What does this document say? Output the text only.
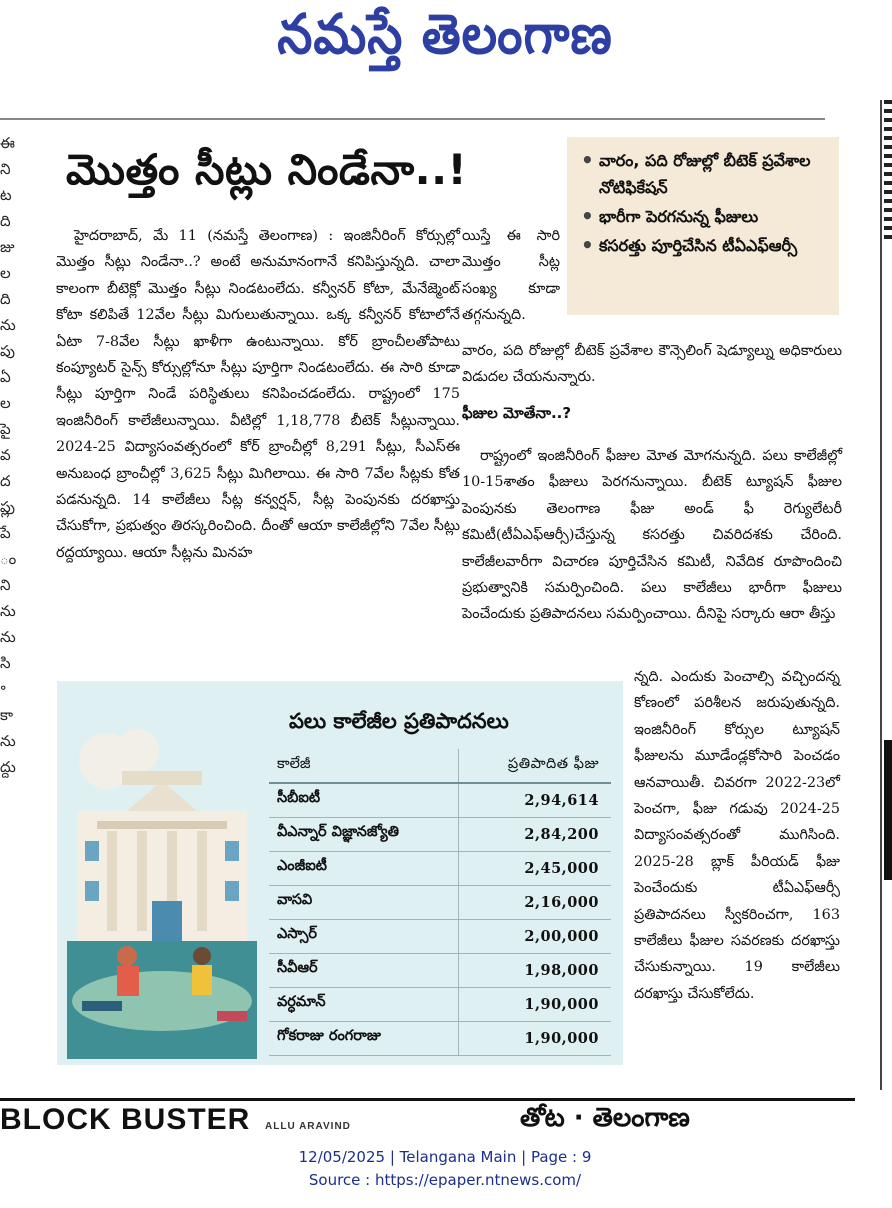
నమస్తే తెలంగాణ
ఈ
ని
ట
ది
జు
ల
ది
ను
పు
ఏ
ల
పై
వ
ద
ప్లు
పే
ం
ని
ను
ను
సి
॰
కా
ను
ద్దు
మొత్తం సీట్లు నిండేనా..!	• వారం, పది రోజుల్లో బీటెక్ ప్రవేశాల నోటిఫికేషన్
• భారీగా పెరగనున్న ఫీజులు
• కసరత్తు పూర్తిచేసిన టీఏఎఫ్ఆర్సీ

హైదరాబాద్, మే 11 (నమస్తే తెలంగాణ) : ఇంజినీరింగ్ కోర్సుల్లో మొత్తం సీట్లు నిండేనా..? అంటే అనుమానంగానే కనిపిస్తున్నది. చాలా కాలంగా బీటెక్లో మొత్తం సీట్లు నిండటంలేదు. కన్వీనర్ కోటా, మేనేజ్మెంట్ కోటా కలిపితే 12వేల సీట్లు మిగులుతున్నాయి. ఒక్క కన్వీనర్ కోటాలోనే ఏటా 7-8వేల సీట్లు ఖాళీగా ఉంటున్నాయి. కోర్ బ్రాంచీలతోపాటు కంప్యూటర్ సైన్స్ కోర్సుల్లోనూ సీట్లు పూర్తిగా నిండటంలేదు. ఈ సారి కూడా సీట్లు పూర్తిగా నిండే పరిస్థితులు కనిపించడంలేదు. రాష్ట్రంలో 175 ఇంజినీరింగ్ కాలేజీలున్నాయి. వీటిల్లో 1,18,778 బీటెక్ సీట్లున్నాయి. 2024-25 విద్యాసంవత్సరంలో కోర్ బ్రాంచీల్లో 8,291 సీట్లు, సీఎస్ఈ అనుబంధ బ్రాంచీల్లో 3,625 సీట్లు మిగిలాయి. ఈ సారి 7వేల సీట్లకు కోత పడనున్నది. 14 కాలేజీలు సీట్ల కన్వర్షన్, సీట్ల పెంపునకు దరఖాస్తు చేసుకోగా, ప్రభుత్వం తిరస్కరించింది. దీంతో ఆయా కాలేజీల్లోని 7వేల సీట్లు రద్దయ్యాయి. ఆయా సీట్లను మినహ

యిస్తే ఈ సారి మొత్తం సీట్ల సంఖ్య కూడా తగ్గనున్నది.

వారం, పది రోజుల్లో బీటెక్ ప్రవేశాల కౌన్సెలింగ్ షెడ్యూల్ను అధికారులు విడుదల చేయనున్నారు.

ఫీజుల మోతేనా..?

రాష్ట్రంలో ఇంజినీరింగ్ ఫీజుల మోత మోగనున్నది. పలు కాలేజీల్లో 10-15శాతం ఫీజులు పెరగనున్నాయి. బీటెక్ ట్యూషన్ ఫీజుల పెంపునకు తెలంగాణ ఫీజు అండ్ ఫీ రెగ్యులేటరీ కమిటీ(టీఏఎఫ్ఆర్సీ)చేస్తున్న కసరత్తు చివరిదశకు చేరింది. కాలేజీలవారీగా విచారణ పూర్తిచేసిన కమిటీ, నివేదిక రూపొందించి ప్రభుత్వానికి సమర్పించింది. పలు కాలేజీలు భారీగా ఫీజులు పెంచేందుకు ప్రతిపాదనలు సమర్పించాయి. దీనిపై సర్కారు ఆరా తీస్తు

న్నది. ఎందుకు పెంచాల్సి వచ్చిందన్న కోణంలో పరిశీలన జరుపుతున్నది. ఇంజినీరింగ్ కోర్సుల ట్యూషన్ ఫీజులను మూడేండ్లకోసారి పెంచడం ఆనవాయితీ. చివరగా 2022-23లో పెంచగా, ఫీజు గడువు 2024-25 విద్యాసంవత్సరంతో ముగిసింది. 2025-28 బ్లాక్ పీరియడ్ ఫీజు పెంచేందుకు టీఏఎఫ్ఆర్సీ ప్రతిపాదనలు స్వీకరించగా, 163 కాలేజీలు ఫీజుల సవరణకు దరఖాస్తు చేసుకున్నాయి. 19 కాలేజీలు దరఖాస్తు చేసుకోలేదు.

పలు కాలేజీల ప్రతిపాదనలు
కాలేజీ	ప్రతిపాదిత ఫీజు
సీబీఐటీ	2,94,614
వీఎన్నార్ విజ్ఞానజ్యోతి	2,84,200
ఎంజీఐటీ	2,45,000
వాసవి	2,16,000
ఎస్సార్	2,00,000
సీవీఆర్	1,98,000
వర్ధమాన్	1,90,000
గోకరాజు రంగరాజు	1,90,000
BLOCK BUSTER ALLU ARAVIND	తోట · తెలంగాణ
12/05/2025 | Telangana Main | Page : 9
Source : https://epaper.ntnews.com/
